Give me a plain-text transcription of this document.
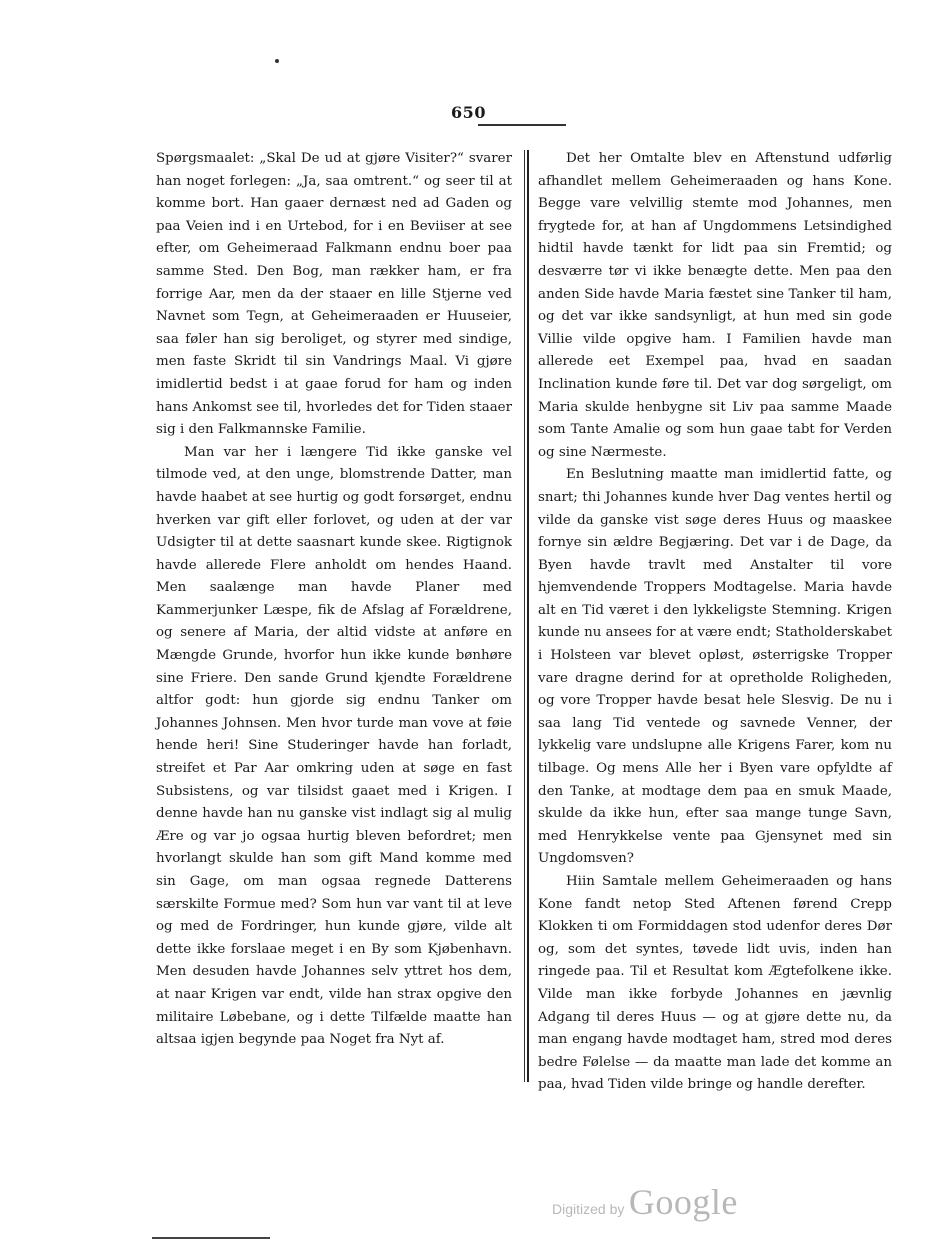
650

Spørgsmaalet: „Skal De ud at gjøre Visiter?“ svarer han noget forlegen: „Ja, saa omtrent.“ og seer til at komme bort. Han gaaer dernæst ned ad Gaden og paa Veien ind i en Urtebod, for i en Beviiser at see efter, om Geheimeraad Falkmann endnu boer paa samme Sted. Den Bog, man rækker ham, er fra forrige Aar, men da der staaer en lille Stjerne ved Navnet som Tegn, at Geheimeraaden er Huuseier, saa føler han sig beroliget, og styrer med sindige, men faste Skridt til sin Vandrings Maal. Vi gjøre imidlertid bedst i at gaae forud for ham og inden hans Ankomst see til, hvorledes det for Tiden staaer sig i den Falkmannske Familie.

Man var her i længere Tid ikke ganske vel tilmode ved, at den unge, blomstrende Datter, man havde haabet at see hurtig og godt forsørget, endnu hverken var gift eller forlovet, og uden at der var Udsigter til at dette saasnart kunde skee. Rigtignok havde allerede Flere anholdt om hendes Haand. Men saalænge man havde Planer med Kammerjunker Læspe, fik de Afslag af Forældrene, og senere af Maria, der altid vidste at anføre en Mængde Grunde, hvorfor hun ikke kunde bønhøre sine Friere. Den sande Grund kjendte Forældrene altfor godt: hun gjorde sig endnu Tanker om Johannes Johnsen. Men hvor turde man vove at føie hende heri! Sine Studeringer havde han forladt, streifet et Par Aar omkring uden at søge en fast Subsistens, og var tilsidst gaaet med i Krigen. I denne havde han nu ganske vist indlagt sig al mulig Ære og var jo ogsaa hurtig bleven befordret; men hvorlangt skulde han som gift Mand komme med sin Gage, om man ogsaa regnede Datterens særskilte Formue med? Som hun var vant til at leve og med de Fordringer, hun kunde gjøre, vilde alt dette ikke forslaae meget i en By som Kjøbenhavn. Men desuden havde Johannes selv yttret hos dem, at naar Krigen var endt, vilde han strax opgive den militaire Løbebane, og i dette Tilfælde maatte han altsaa igjen begynde paa Noget fra Nyt af.

Det her Omtalte blev en Aftenstund udførlig afhandlet mellem Geheimeraaden og hans Kone. Begge vare velvillig stemte mod Johannes, men frygtede for, at han af Ungdommens Letsindighed hidtil havde tænkt for lidt paa sin Fremtid; og desværre tør vi ikke benægte dette. Men paa den anden Side havde Maria fæstet sine Tanker til ham, og det var ikke sandsynligt, at hun med sin gode Villie vilde opgive ham. I Familien havde man allerede eet Exempel paa, hvad en saadan Inclination kunde føre til. Det var dog sørgeligt, om Maria skulde henbygne sit Liv paa samme Maade som Tante Amalie og som hun gaae tabt for Verden og sine Nærmeste.

En Beslutning maatte man imidlertid fatte, og snart; thi Johannes kunde hver Dag ventes hertil og vilde da ganske vist søge deres Huus og maaskee fornye sin ældre Begjæring. Det var i de Dage, da Byen havde travlt med Anstalter til vore hjemvendende Troppers Modtagelse. Maria havde alt en Tid været i den lykkeligste Stemning. Krigen kunde nu ansees for at være endt; Statholderskabet i Holsteen var blevet opløst, østerrigske Tropper vare dragne derind for at opretholde Roligheden, og vore Tropper havde besat hele Slesvig. De nu i saa lang Tid ventede og savnede Venner, der lykkelig vare undslupne alle Krigens Farer, kom nu tilbage. Og mens Alle her i Byen vare opfyldte af den Tanke, at modtage dem paa en smuk Maade, skulde da ikke hun, efter saa mange tunge Savn, med Henrykkelse vente paa Gjensynet med sin Ungdomsven?

Hiin Samtale mellem Geheimeraaden og hans Kone fandt netop Sted Aftenen førend Crepp Klokken ti om Formiddagen stod udenfor deres Dør og, som det syntes, tøvede lidt uvis, inden han ringede paa. Til et Resultat kom Ægtefolkene ikke. Vilde man ikke forbyde Johannes en jævnlig Adgang til deres Huus — og at gjøre dette nu, da man engang havde modtaget ham, stred mod deres bedre Følelse — da maatte man lade det komme an paa, hvad Tiden vilde bringe og handle derefter.

Digitized by Google
